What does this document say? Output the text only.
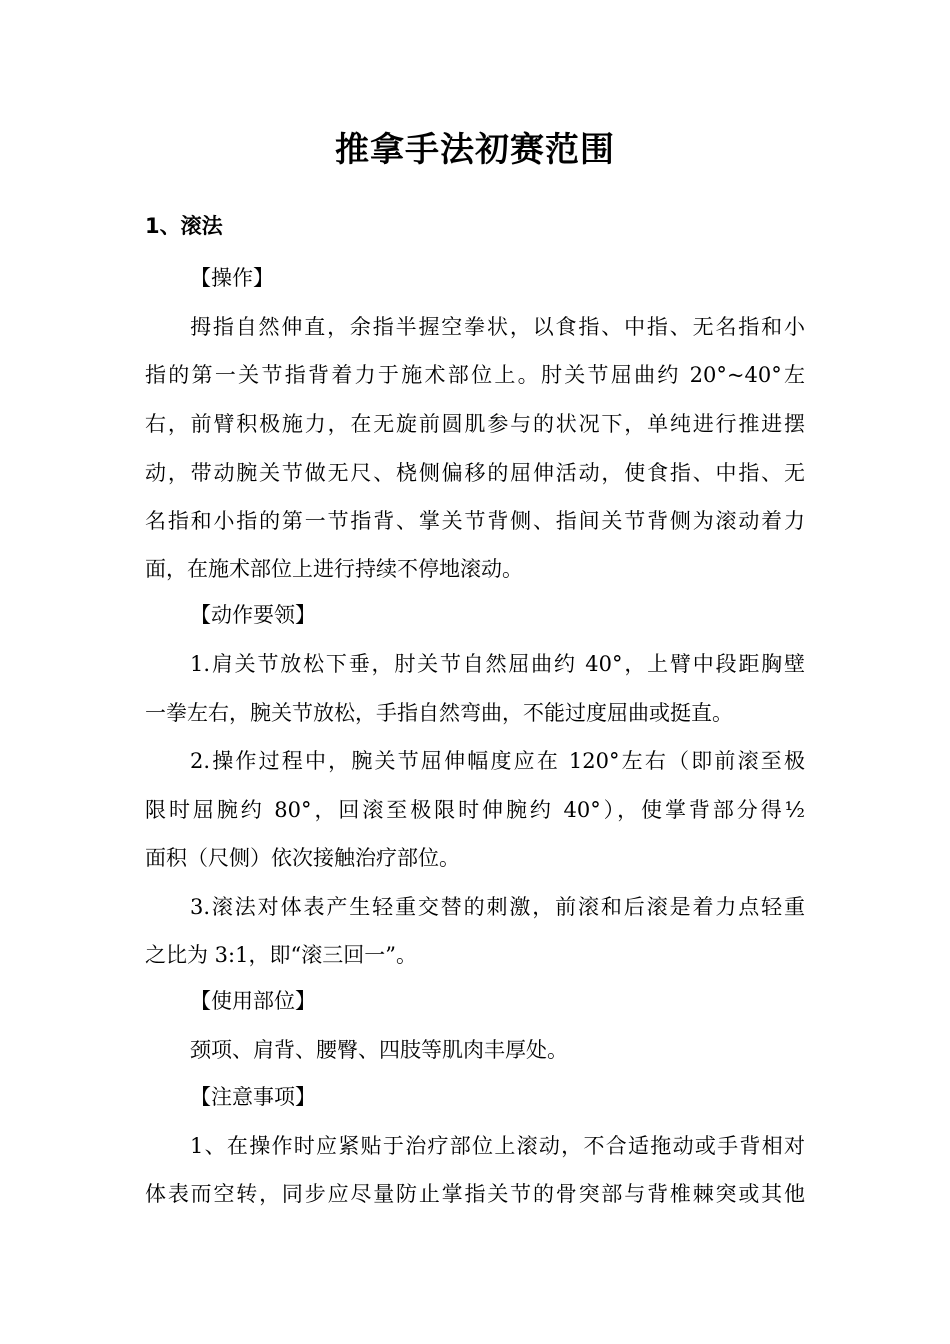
推拿手法初赛范围
1、滚法
【操作】
拇指自然伸直，余指半握空拳状，以食指、中指、无名指和小
指的第一关节指背着力于施术部位上。肘关节屈曲约 20°~40°左
右，前臂积极施力，在无旋前圆肌参与的状况下，单纯进行推进摆
动，带动腕关节做无尺、桡侧偏移的屈伸活动，使食指、中指、无
名指和小指的第一节指背、掌关节背侧、指间关节背侧为滚动着力
面，在施术部位上进行持续不停地滚动。
【动作要领】
1.肩关节放松下垂，肘关节自然屈曲约 40°，上臂中段距胸壁
一拳左右，腕关节放松，手指自然弯曲，不能过度屈曲或挺直。
2.操作过程中，腕关节屈伸幅度应在 120°左右（即前滚至极
限时屈腕约 80°，回滚至极限时伸腕约 40°），使掌背部分得½
面积（尺侧）依次接触治疗部位。
3.滚法对体表产生轻重交替的刺激，前滚和后滚是着力点轻重
之比为 3:1，即“滚三回一”。
【使用部位】
颈项、肩背、腰臀、四肢等肌肉丰厚处。
【注意事项】
1、在操作时应紧贴于治疗部位上滚动，不合适拖动或手背相对
体表而空转，同步应尽量防止掌指关节的骨突部与背椎棘突或其他
